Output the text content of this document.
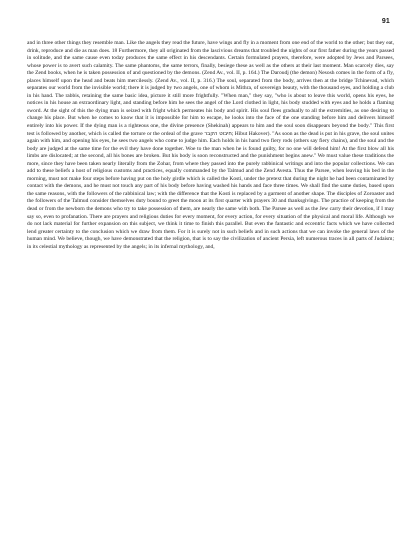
91

and in three other things they resemble man. Like the angels they read the future, have wings and fly in a moment from one end of the world to the other; but they eat, drink, reproduce and die as man does. 18 Furthermore, they all originated from the lascivious dreams that troubled the nights of our first father during the years passed in solitude, and the same cause even today produces the same effect in his descendants. Certain formulated prayers, therefore, were adopted by Jews and Parsees, whose power is to avert such calamity. The same phantoms, the same terrors, finally, besiege these as well as the others at their last moment. Man scarcely dies, say the Zend books, when he is taken possession of and questioned by the demons. (Zend Av., vol. II, p. 164.) The Daroudj (the demon) Nesosh comes in the form of a fly, places himself upon the head and beats him mercilessly. (Zend Av., vol. II, p. 316.) The soul, separated from the body, arrives then at the bridge Tchinevad, which separates our world from the invisible world; there it is judged by two angels, one of whom is Mithra, of sovereign beauty, with the thousand eyes, and holding a club in his hand. The rabbis, retaining the same basic idea, picture it still more frightfully. "When man," they say, "who is about to leave this world, opens his eyes, he notices in his house an extraordinary light, and standing before him he sees the angel of the Lord clothed in light, his body studded with eyes and he holds a flaming sword. At the sight of this the dying man is seized with fright which permeates his body and spirit. His soul flees gradually to all the extremities, as one desiring to change his place. But when he comes to know that it is impossible for him to escape, he looks into the face of the one standing before him and delivers himself entirely into his power. If the dying man is a righteous one, the divine presence (Shekinah) appears to him and the soul soon disappears beyond the body." This first test is followed by another, which is called the torture or the ordeal of the grave חיבוט הקבר; Hibut Hakover). "As soon as the dead is put in his grave, the soul unites again with him, and opening his eyes, he sees two angels who come to judge him. Each holds in his hand two fiery rods (others say fiery chains), and the soul and the body are judged at the same time for the evil they have done together. Woe to the man when he is found guilty, for no one will defend him! At the first blow all his limbs are dislocated; at the second, all his bones are broken. But his body is soon reconstructed and the punishment begins anew." We must value these traditions the more, since they have been taken nearly literally from the Zohar, from where they passed into the purely rabbinical writings and into the popular collections. We can add to these beliefs a host of religious customs and practices, equally commanded by the Talmud and the Zend Avesta. Thus the Parsee, when leaving his bed in the morning, must not make four steps before having put on the holy girdle which is called the Kosti, under the pretext that during the night he had been contaminated by contact with the demons, and he must not touch any part of his body before having washed his hands and face three times. We shall find the same duties, based upon the same reasons, with the followers of the rabbinical law; with the difference that the Kosti is replaced by a garment of another shape. The disciples of Zoroaster and the followers of the Talmud consider themselves duty bound to greet the moon at its first quarter with prayers 30 and thanksgivings. The practice of keeping from the dead or from the newborn the demons who try to take possession of them, are nearly the same with both. The Parsee as well as the Jew carry their devotion, if I may say so, even to profanation. There are prayers and religious duties for every moment, for every action, for every situation of the physical and moral life. Although we do not lack material for further expansion on this subject, we think it time to finish this parallel. But even the fantastic and eccentric facts which we have collected lend greater certainty to the conclusion which we draw from them. For it is surely not in such beliefs and in such actions that we can invoke the general laws of the human mind. We believe, though, we have demonstrated that the religion, that is to say the civilization of ancient Persia, left numerous traces in all parts of Judaism; in its celestial mythology as represented by the angels; in its infernal mythology, and,
